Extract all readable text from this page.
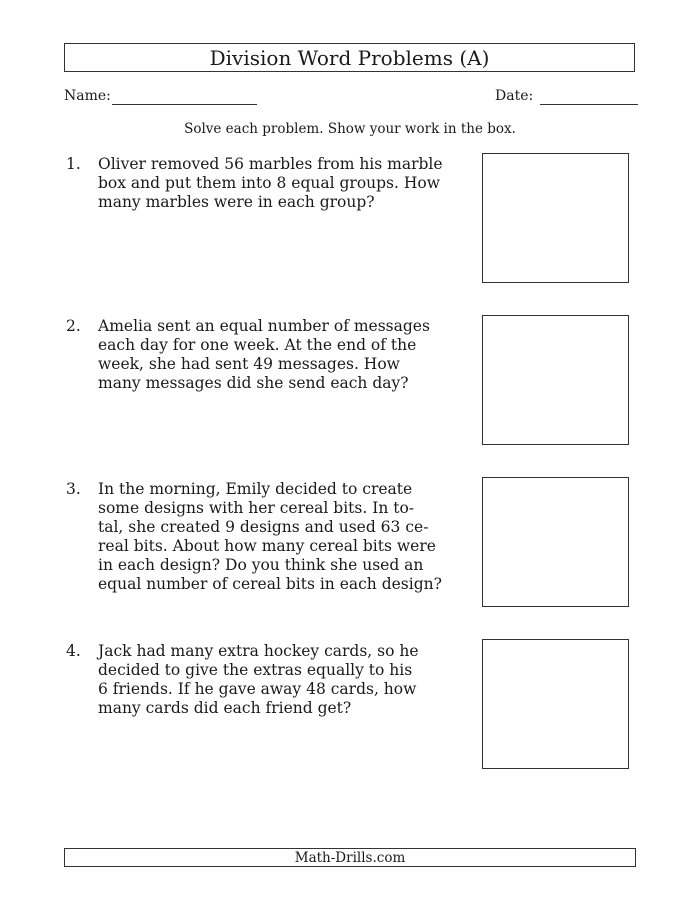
Division Word Problems (A)
Name:	Date:
Solve each problem. Show your work in the box.
1. Oliver removed 56 marbles from his marble
box and put them into 8 equal groups. How
many marbles were in each group?
2. Amelia sent an equal number of messages
each day for one week. At the end of the
week, she had sent 49 messages. How
many messages did she send each day?
3. In the morning, Emily decided to create
some designs with her cereal bits. In to-
tal, she created 9 designs and used 63 ce-
real bits. About how many cereal bits were
in each design? Do you think she used an
equal number of cereal bits in each design?
4. Jack had many extra hockey cards, so he
decided to give the extras equally to his
6 friends. If he gave away 48 cards, how
many cards did each friend get?
Math-Drills.com
